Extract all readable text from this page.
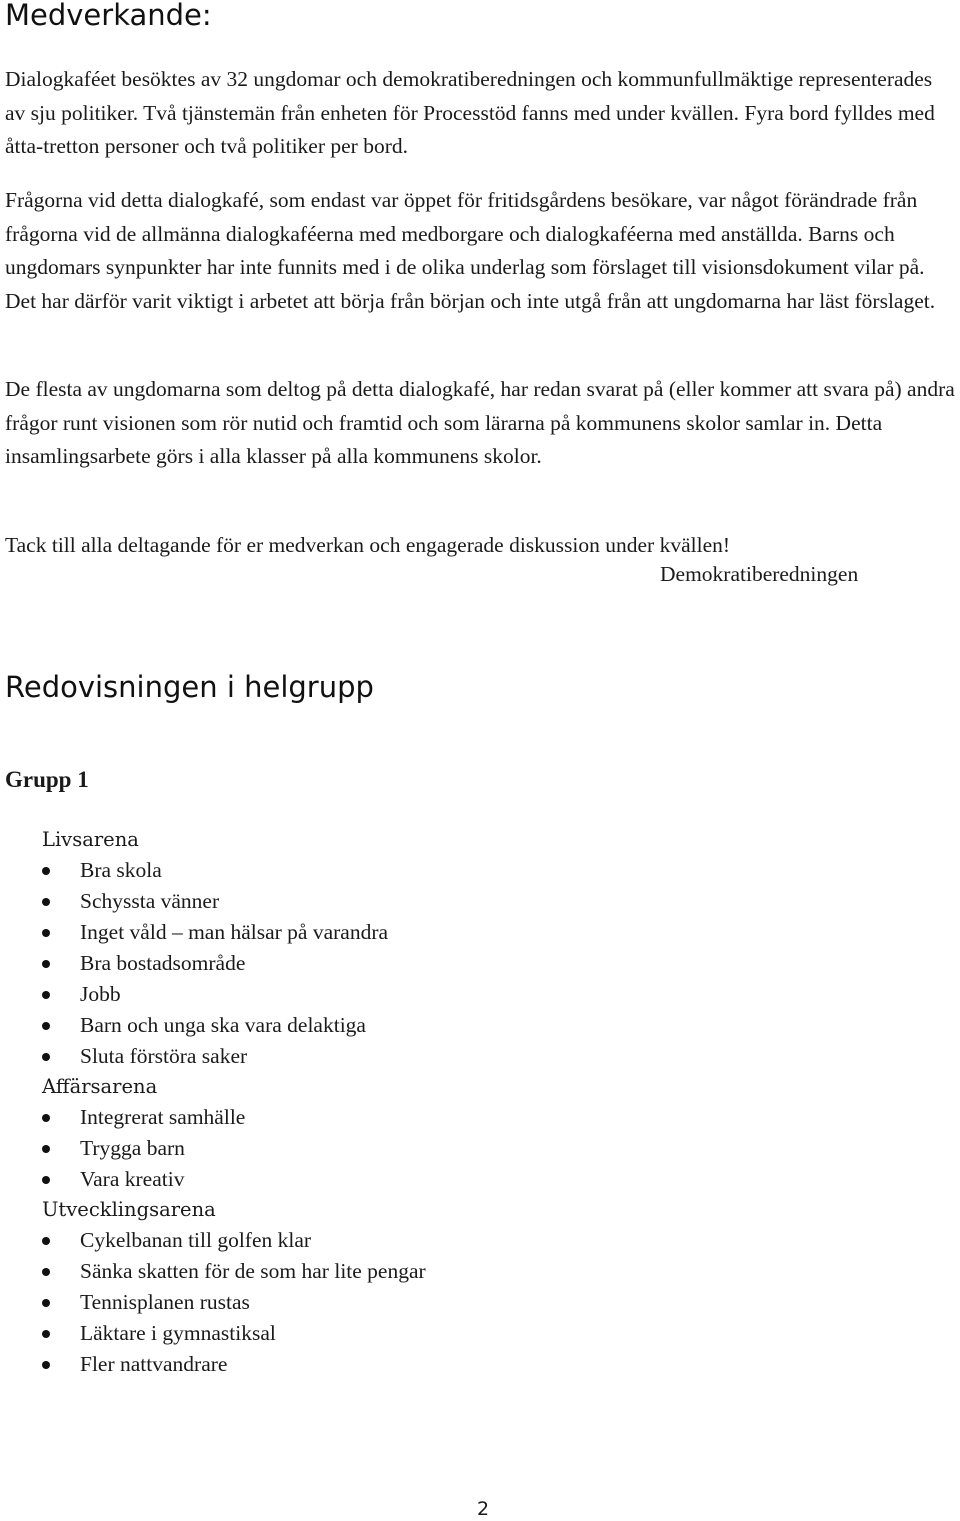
Medverkande:

Dialogkaféet besöktes av 32 ungdomar och demokratiberedningen och kommunfullmäktige representerades av sju politiker. Två tjänstemän från enheten för Processtöd fanns med under kvällen. Fyra bord fylldes med åtta-tretton personer och två politiker per bord.

Frågorna vid detta dialogkafé, som endast var öppet för fritidsgårdens besökare, var något förändrade från frågorna vid de allmänna dialogkaféerna med medborgare och dialogkaféerna med anställda. Barns och ungdomars synpunkter har inte funnits med i de olika underlag som förslaget till visionsdokument vilar på. Det har därför varit viktigt i arbetet att börja från början och inte utgå från att ungdomarna har läst förslaget.

De flesta av ungdomarna som deltog på detta dialogkafé, har redan svarat på (eller kommer att svara på) andra frågor runt visionen som rör nutid och framtid och som lärarna på kommunens skolor samlar in. Detta insamlingsarbete görs i alla klasser på alla kommunens skolor.

Tack till alla deltagande för er medverkan och engagerade diskussion under kvällen!

Demokratiberedningen

Redovisningen i helgrupp

Grupp 1

Livsarena
Bra skola
Schyssta vänner
Inget våld – man hälsar på varandra
Bra bostadsområde
Jobb
Barn och unga ska vara delaktiga
Sluta förstöra saker
Affärsarena
Integrerat samhälle
Trygga barn
Vara kreativ
Utvecklingsarena
Cykelbanan till golfen klar
Sänka skatten för de som har lite pengar
Tennisplanen rustas
Läktare i gymnastiksal
Fler nattvandrare

2
